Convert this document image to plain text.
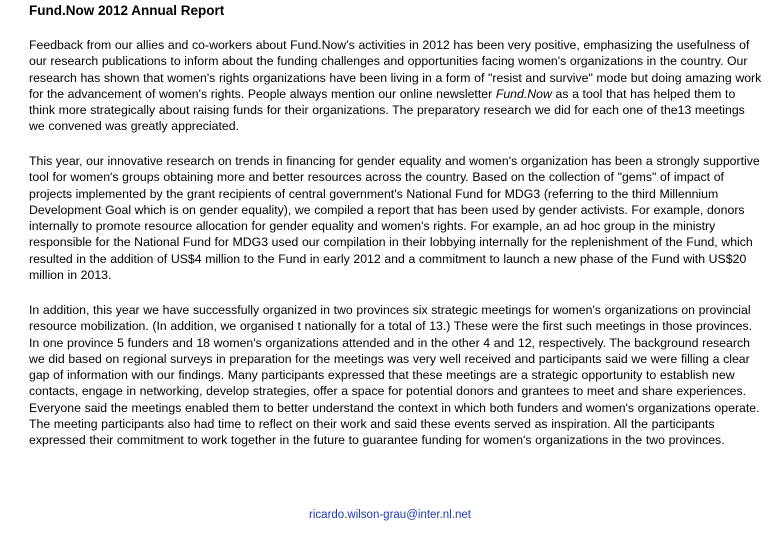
Fund.Now 2012 Annual Report

Feedback from our allies and co-workers about Fund.Now’s activities in 2012 has been very positive, emphasizing the usefulness of our research publications to inform about the funding challenges and opportunities facing women's organizations in the country. Our research has shown that women's rights organizations have been living in a form of "resist and survive" mode but doing amazing work for the advancement of women's rights. People always mention our online newsletter Fund.Now as a tool that has helped them to think more strategically about raising funds for their organizations. The preparatory research we did for each one of the13 meetings we convened was greatly appreciated.

This year, our innovative research on trends in financing for gender equality and women's organization has been a strongly supportive tool for women's groups obtaining more and better resources across the country. Based on the collection of "gems" of impact of projects implemented by the grant recipients of central government's National Fund for MDG3 (referring to the third Millennium Development Goal which is on gender equality), we compiled a report that has been used by gender activists. For example, donors internally to promote resource allocation for gender equality and women's rights. For example, an ad hoc group in the ministry responsible for the National Fund for MDG3 used our compilation in their lobbying internally for the replenishment of the Fund, which resulted in the addition of US$4 million to the Fund in early 2012 and a commitment to launch a new phase of the Fund with US$20 million in 2013.

In addition, this year we have successfully organized in two provinces six strategic meetings for women's organizations on provincial resource mobilization. (In addition, we organised t nationally for a total of 13.) These were the first such meetings in those provinces. In one province 5 funders and 18 women's organizations attended and in the other 4 and 12, respectively. The background research we did based on regional surveys in preparation for the meetings was very well received and participants said we were filling a clear gap of information with our findings. Many participants expressed that these meetings are a strategic opportunity to establish new contacts, engage in networking, develop strategies, offer a space for potential donors and grantees to meet and share experiences. Everyone said the meetings enabled them to better understand the context in which both funders and women's organizations operate. The meeting participants also had time to reflect on their work and said these events served as inspiration. All the participants expressed their commitment to work together in the future to guarantee funding for women's organizations in the two provinces.

ricardo.wilson-grau@inter.nl.net
